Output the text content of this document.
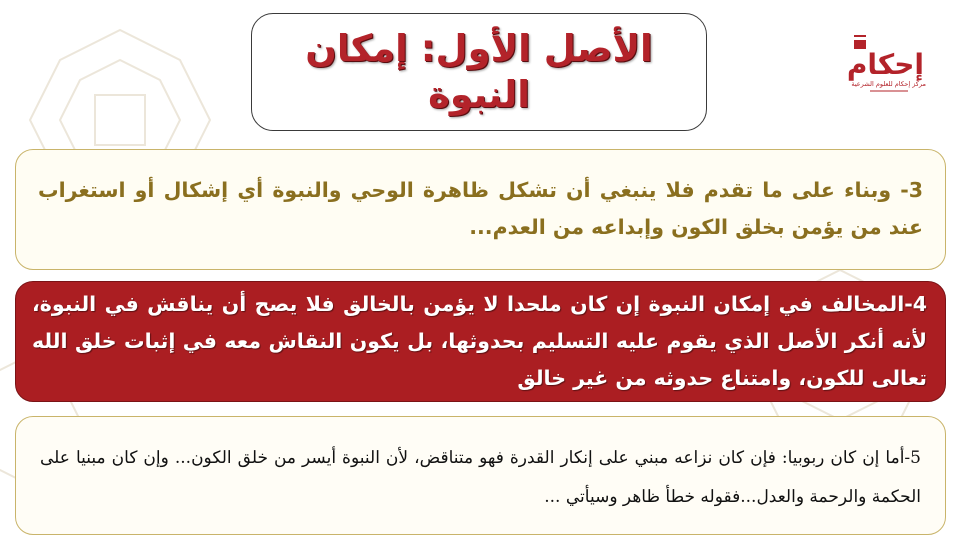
الأصل الأول: إمكان
النبوة
إحكام
مركز إحكام للعلوم الشرعية
3- وبناء على ما تقدم فلا ينبغي أن تشكل ظاهرة الوحي والنبوة أي إشكال أو استغراب عند من يؤمن بخلق الكون وإبداعه من العدم...
4-المخالف في إمكان النبوة إن كان ملحدا لا يؤمن بالخالق فلا يصح أن يناقش في النبوة، لأنه أنكر الأصل الذي يقوم عليه التسليم بحدوثها، بل يكون النقاش معه في إثبات خلق الله تعالى للكون، وامتناع حدوثه من غير خالق
5-أما إن كان ربوبيا: فإن كان نزاعه مبني على إنكار القدرة فهو متناقض، لأن النبوة أيسر من خلق الكون... وإن كان مبنيا على الحكمة والرحمة والعدل...فقوله خطأ ظاهر وسيأتي ...
